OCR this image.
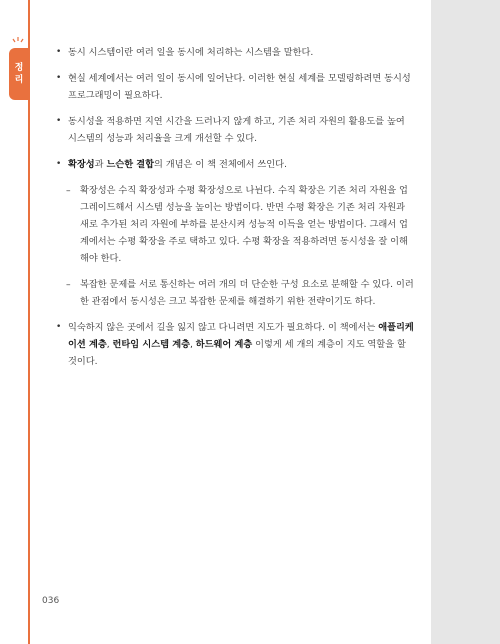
정
리
• 동시 시스템이란 여러 일을 동시에 처리하는 시스템을 말한다.
• 현실 세계에서는 여러 일이 동시에 일어난다. 이러한 현실 세계를 모델링하려면 동시성 프로그래밍이 필요하다.
• 동시성을 적용하면 지연 시간을 드러나지 않게 하고, 기존 처리 자원의 활용도를 높여 시스템의 성능과 처리율을 크게 개선할 수 있다.
• 확장성과 느슨한 결합의 개념은 이 책 전체에서 쓰인다.
– 확장성은 수직 확장성과 수평 확장성으로 나뉜다. 수직 확장은 기존 처리 자원을 업그레이드해서 시스템 성능을 높이는 방법이다. 반면 수평 확장은 기존 처리 자원과 새로 추가된 처리 자원에 부하를 분산시켜 성능적 이득을 얻는 방법이다. 그래서 업계에서는 수평 확장을 주로 택하고 있다. 수평 확장을 적용하려면 동시성을 잘 이해해야 한다.
– 복잡한 문제를 서로 통신하는 여러 개의 더 단순한 구성 요소로 분해할 수 있다. 이러한 관점에서 동시성은 크고 복잡한 문제를 해결하기 위한 전략이기도 하다.
• 익숙하지 않은 곳에서 길을 잃지 않고 다니려면 지도가 필요하다. 이 책에서는 애플리케이션 계층, 런타임 시스템 계층, 하드웨어 계층 이렇게 세 개의 계층이 지도 역할을 할 것이다.
036
